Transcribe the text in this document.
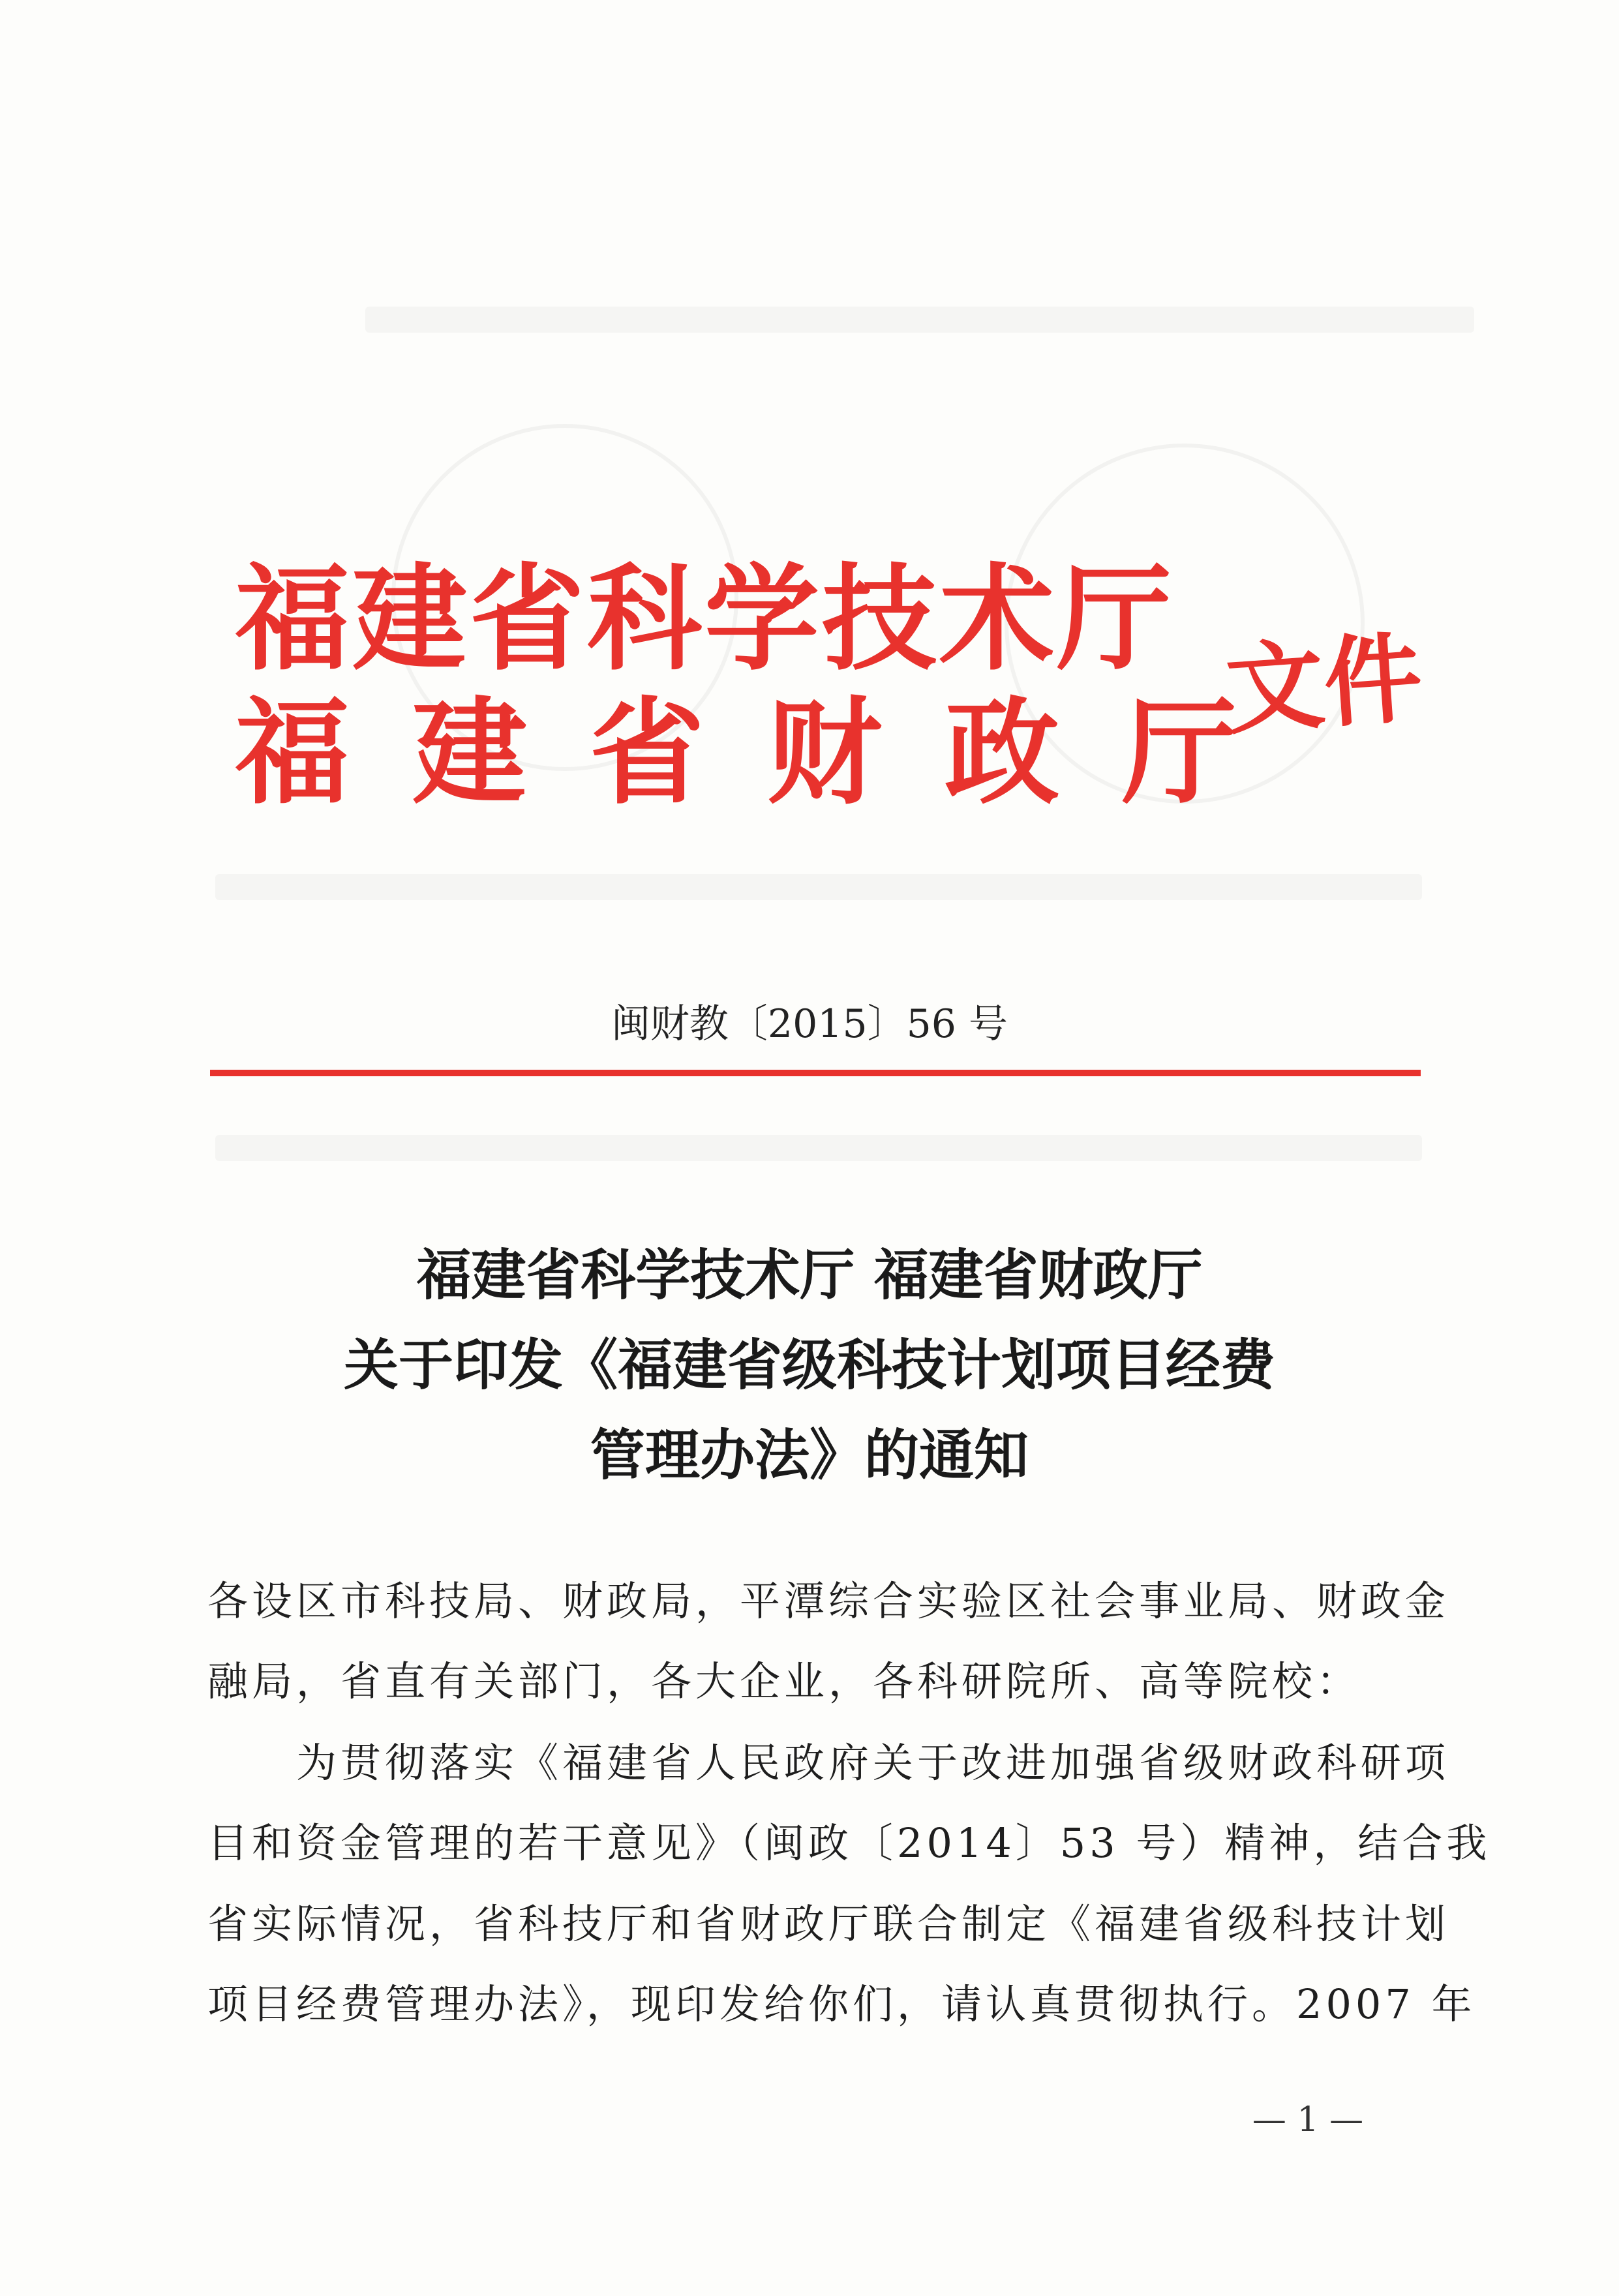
福建省科学技术厅
福建省财政厅
文件
闽财教〔2015〕56 号
福建省科学技术厅 福建省财政厅
关于印发《福建省级科技计划项目经费
管理办法》的通知
各设区市科技局、财政局，平潭综合实验区社会事业局、财政金
融局，省直有关部门，各大企业，各科研院所、高等院校：
　　为贯彻落实《福建省人民政府关于改进加强省级财政科研项
目和资金管理的若干意见》（闽政〔2014〕53 号）精神，结合我
省实际情况，省科技厅和省财政厅联合制定《福建省级科技计划
项目经费管理办法》，现印发给你们，请认真贯彻执行。2007 年
— 1 —
